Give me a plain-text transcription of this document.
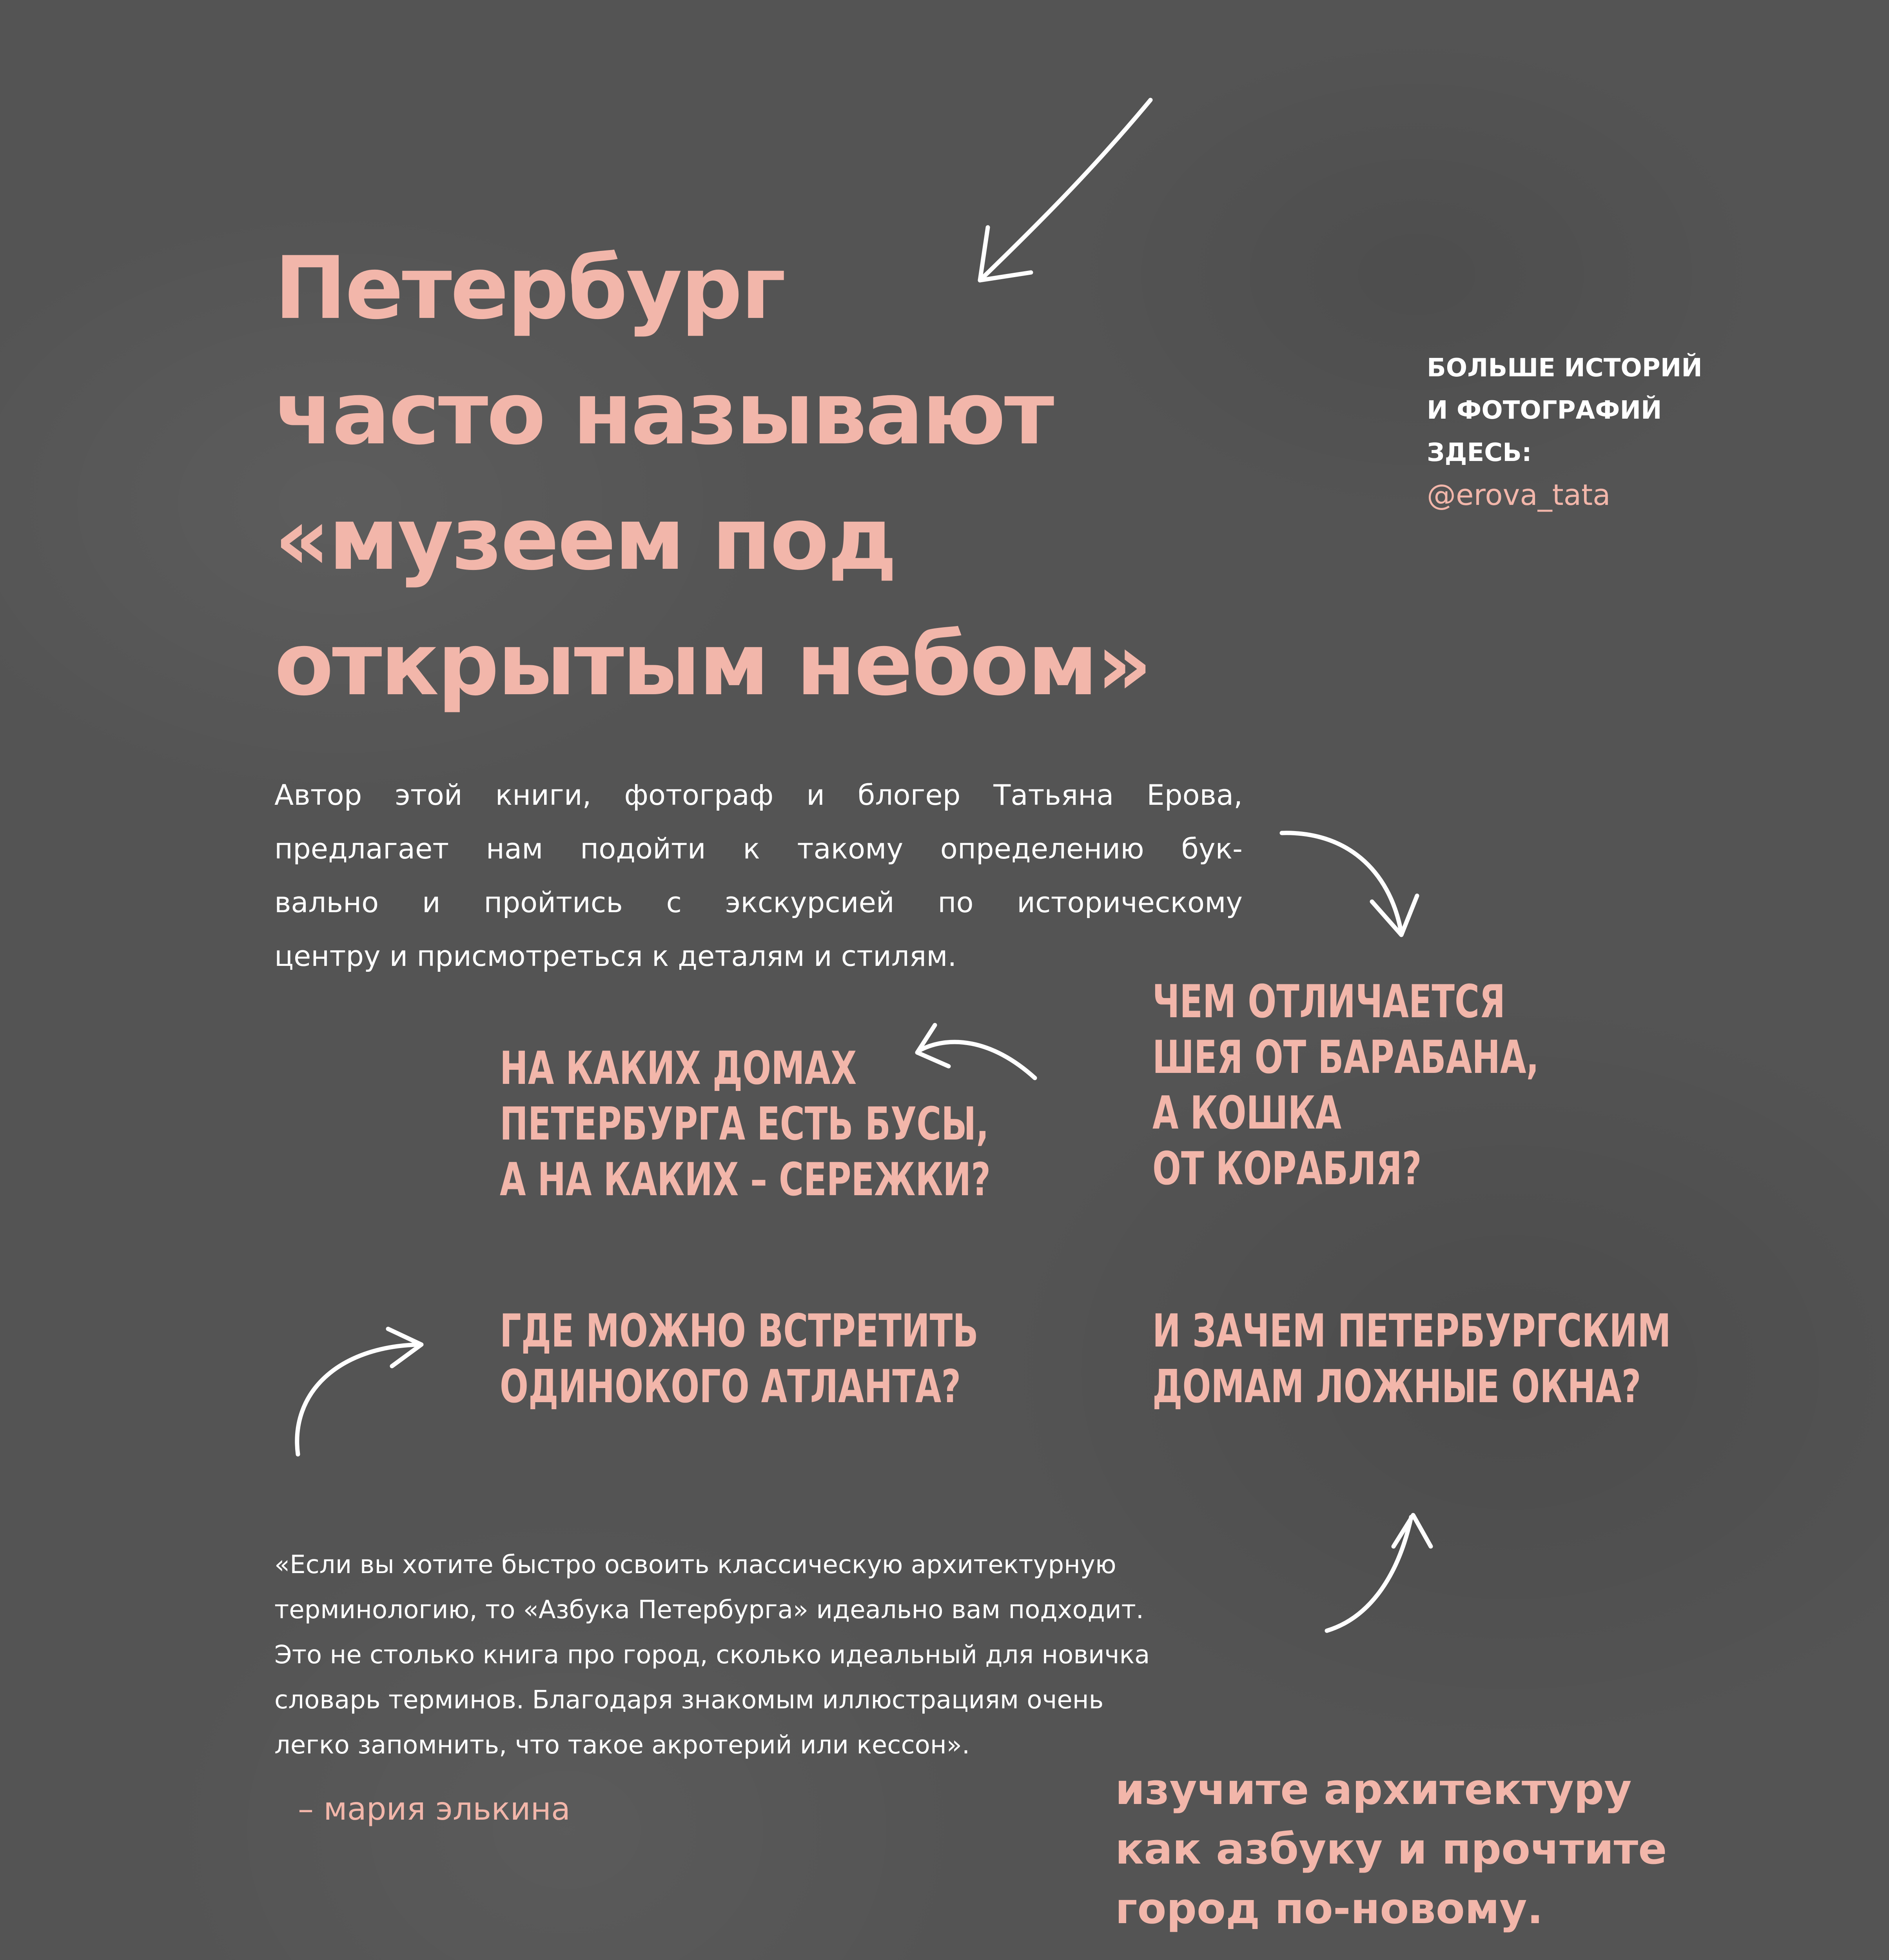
Петербург
часто называют
«музеем под
открытым небом»
БОЛЬШЕ ИСТОРИЙ
И ФОТОГРАФИЙ
ЗДЕСЬ:
@erova_tata

Автор этой книги, фотограф и блогер Татьяна Ерова,
предлагает нам подойти к такому определению бук-
вально и пройтись с экскурсией по историческому
центру и присмотреться к деталям и стилям.

НА КАКИХ ДОМАХ
ПЕТЕРБУРГА ЕСТЬ БУСЫ,
А НА КАКИХ – СЕРЕЖКИ?
ЧЕМ ОТЛИЧАЕТСЯ
ШЕЯ ОТ БАРАБАНА,
А КОШКА
ОТ КОРАБЛЯ?
ГДЕ МОЖНО ВСТРЕТИТЬ
ОДИНОКОГО АТЛАНТА?
И ЗАЧЕМ ПЕТЕРБУРГСКИМ
ДОМАМ ЛОЖНЫЕ ОКНА?
«Если вы хотите быстро освоить классическую архитектурную
терминологию, то «Азбука Петербурга» идеально вам подходит.
Это не столько книга про город, сколько идеальный для новичка
словарь терминов. Благодаря знакомым иллюстрациям очень
легко запомнить, что такое акротерий или кессон».

– мария элькина	изучите архитектуру
как азбуку и прочтите
город по-новому.
